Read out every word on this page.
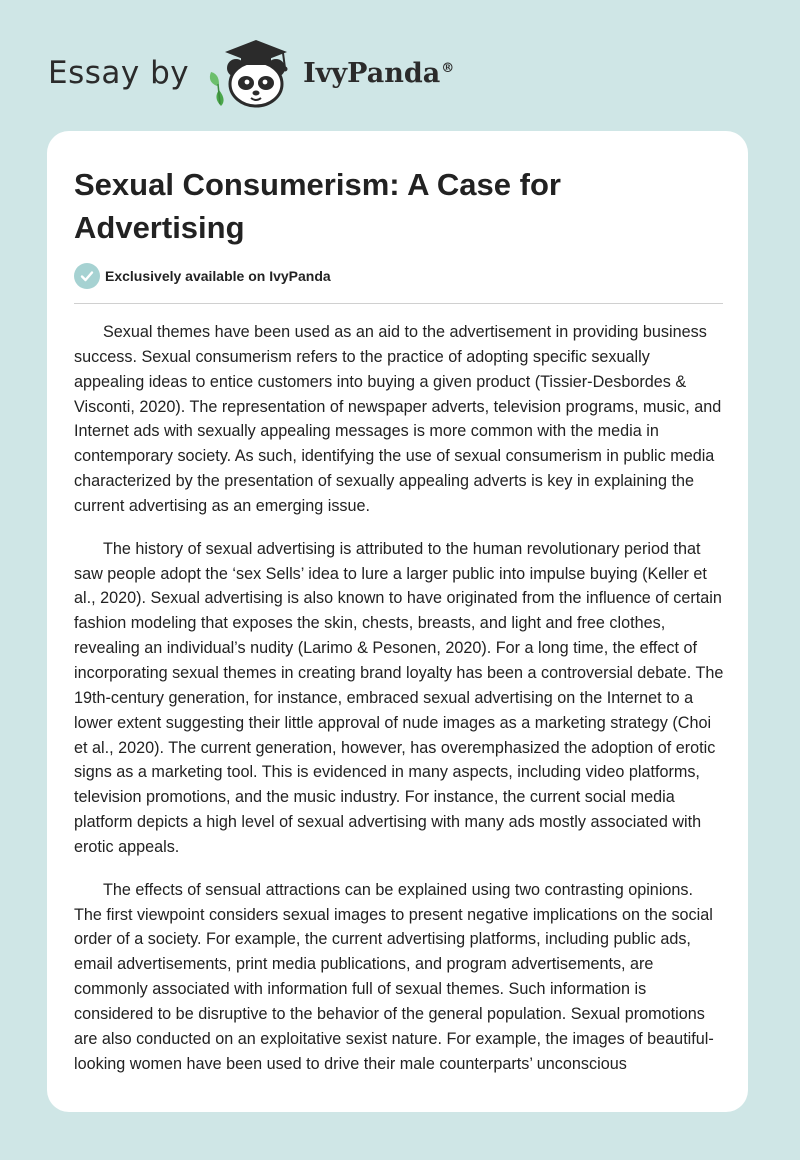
Essay by	IvyPanda®
Sexual Consumerism: A Case for Advertising
Exclusively available on IvyPanda

Sexual themes have been used as an aid to the advertisement in providing business success. Sexual consumerism refers to the practice of adopting specific sexually appealing ideas to entice customers into buying a given product (Tissier-Desbordes & Visconti, 2020). The representation of newspaper adverts, television programs, music, and Internet ads with sexually appealing messages is more common with the media in contemporary society. As such, identifying the use of sexual consumerism in public media characterized by the presentation of sexually appealing adverts is key in explaining the current advertising as an emerging issue.

The history of sexual advertising is attributed to the human revolutionary period that saw people adopt the ‘sex Sells’ idea to lure a larger public into impulse buying (Keller et al., 2020). Sexual advertising is also known to have originated from the influence of certain fashion modeling that exposes the skin, chests, breasts, and light and free clothes, revealing an individual’s nudity (Larimo & Pesonen, 2020). For a long time, the effect of incorporating sexual themes in creating brand loyalty has been a controversial debate. The 19th-century generation, for instance, embraced sexual advertising on the Internet to a lower extent suggesting their little approval of nude images as a marketing strategy (Choi et al., 2020). The current generation, however, has overemphasized the adoption of erotic signs as a marketing tool. This is evidenced in many aspects, including video platforms, television promotions, and the music industry. For instance, the current social media platform depicts a high level of sexual advertising with many ads mostly associated with erotic appeals.

The effects of sensual attractions can be explained using two contrasting opinions. The first viewpoint considers sexual images to present negative implications on the social order of a society. For example, the current advertising platforms, including public ads, email advertisements, print media publications, and program advertisements, are commonly associated with information full of sexual themes. Such information is considered to be disruptive to the behavior of the general population. Sexual promotions are also conducted on an exploitative sexist nature. For example, the images of beautiful-looking women have been used to drive their male counterparts’ unconscious
